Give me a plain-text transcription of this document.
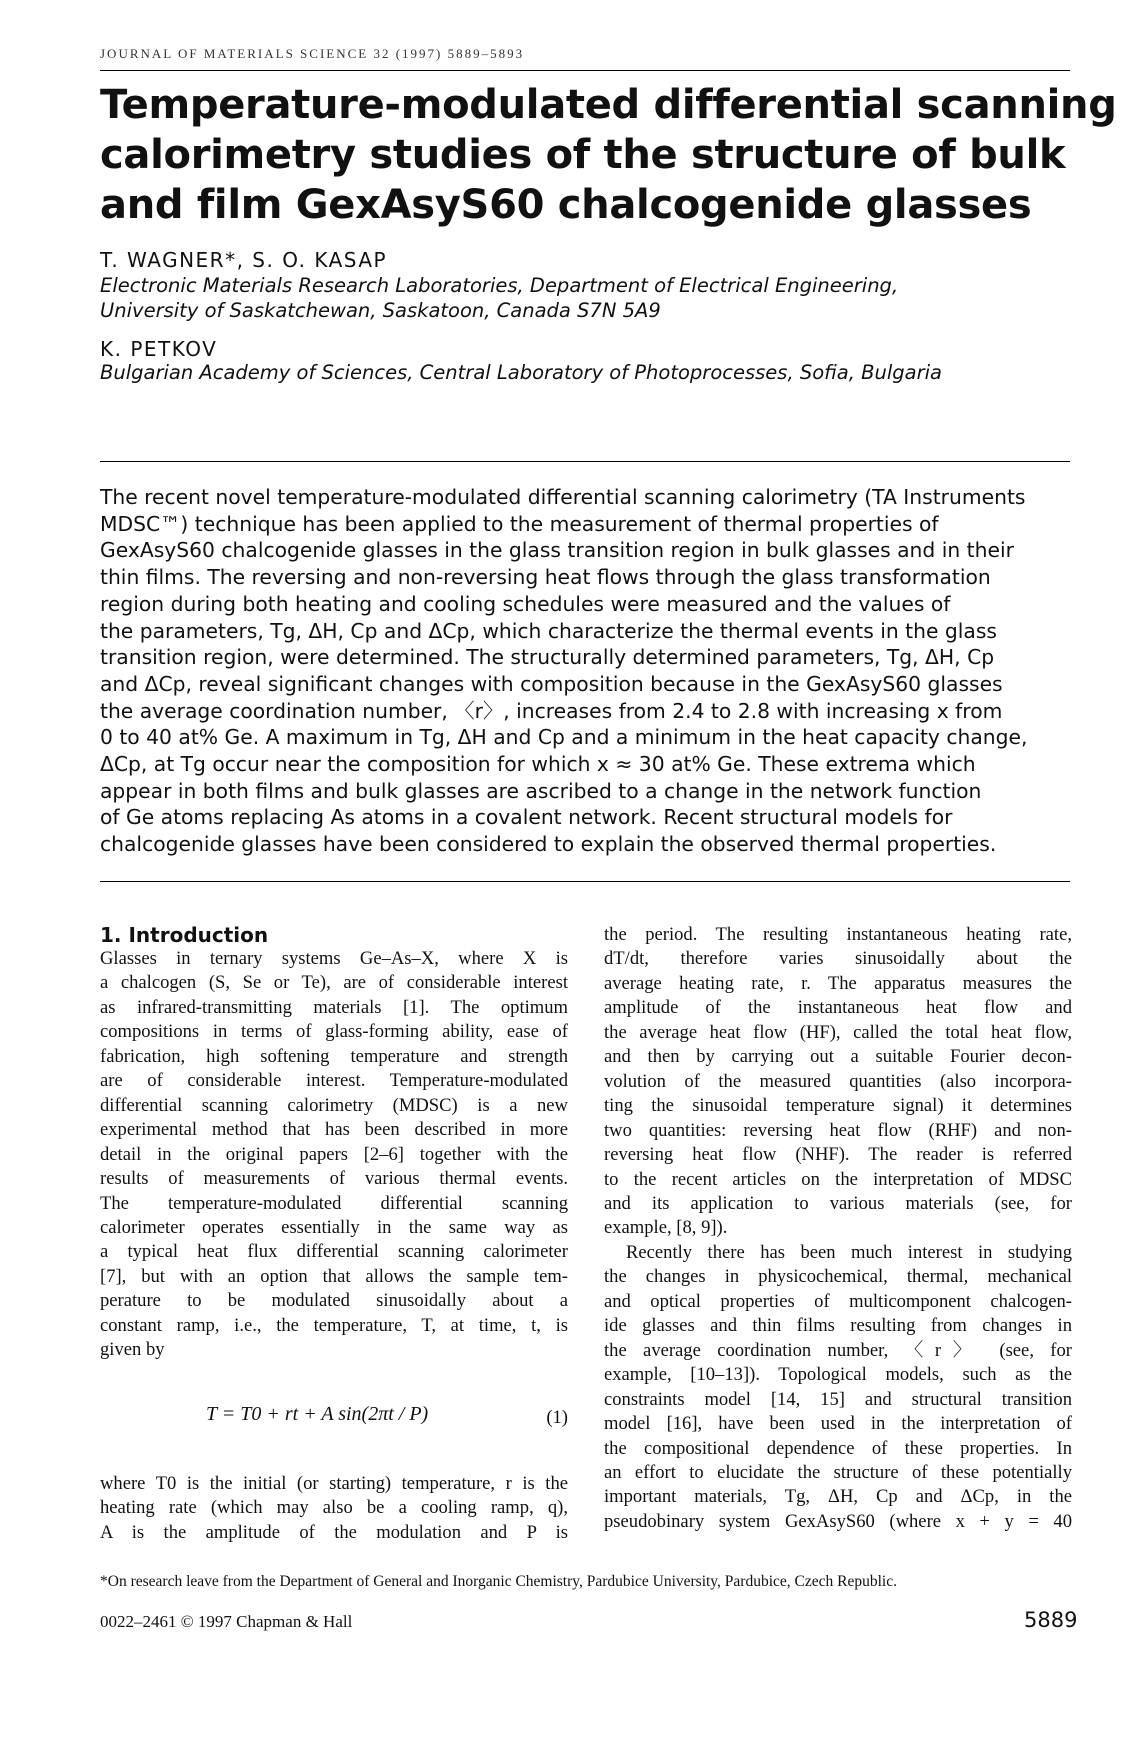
JOURNAL OF MATERIALS SCIENCE 32 (1997) 5889–5893
Temperature-modulated differential scanning
calorimetry studies of the structure of bulk
and film GexAsyS60 chalcogenide glasses
T. WAGNER*, S. O. KASAP
Electronic Materials Research Laboratories, Department of Electrical Engineering,
University of Saskatchewan, Saskatoon, Canada S7N 5A9
K. PETKOV
Bulgarian Academy of Sciences, Central Laboratory of Photoprocesses, Sofia, Bulgaria
The recent novel temperature-modulated differential scanning calorimetry (TA Instruments
MDSC™) technique has been applied to the measurement of thermal properties of
GexAsyS60 chalcogenide glasses in the glass transition region in bulk glasses and in their
thin films. The reversing and non-reversing heat flows through the glass transformation
region during both heating and cooling schedules were measured and the values of
the parameters, Tg, ΔH, Cp and ΔCp, which characterize the thermal events in the glass
transition region, were determined. The structurally determined parameters, Tg, ΔH, Cp
and ΔCp, reveal significant changes with composition because in the GexAsyS60 glasses
the average coordination number, 〈r〉, increases from 2.4 to 2.8 with increasing x from
0 to 40 at% Ge. A maximum in Tg, ΔH and Cp and a minimum in the heat capacity change,
ΔCp, at Tg occur near the composition for which x ≈ 30 at% Ge. These extrema which
appear in both films and bulk glasses are ascribed to a change in the network function
of Ge atoms replacing As atoms in a covalent network. Recent structural models for
chalcogenide glasses have been considered to explain the observed thermal properties.
1. Introduction
Glasses in ternary systems Ge–As–X, where X is
a chalcogen (S, Se or Te), are of considerable interest
as infrared-transmitting materials [1]. The optimum
compositions in terms of glass-forming ability, ease of
fabrication, high softening temperature and strength
are of considerable interest. Temperature-modulated
differential scanning calorimetry (MDSC) is a new
experimental method that has been described in more
detail in the original papers [2–6] together with the
results of measurements of various thermal events.
The temperature-modulated differential scanning
calorimeter operates essentially in the same way as
a typical heat flux differential scanning calorimeter
[7], but with an option that allows the sample tem-
perature to be modulated sinusoidally about a
constant ramp, i.e., the temperature, T, at time, t, is
given by
T = T0 + rt + A sin(2πt / P)	(1)
where T0 is the initial (or starting) temperature, r is the
heating rate (which may also be a cooling ramp, q),
A is the amplitude of the modulation and P is
the period. The resulting instantaneous heating rate,
dT/dt, therefore varies sinusoidally about the
average heating rate, r. The apparatus measures the
amplitude of the instantaneous heat flow and
the average heat flow (HF), called the total heat flow,
and then by carrying out a suitable Fourier decon-
volution of the measured quantities (also incorpora-
ting the sinusoidal temperature signal) it determines
two quantities: reversing heat flow (RHF) and non-
reversing heat flow (NHF). The reader is referred
to the recent articles on the interpretation of MDSC
and its application to various materials (see, for
example, [8, 9]).
Recently there has been much interest in studying
the changes in physicochemical, thermal, mechanical
and optical properties of multicomponent chalcogen-
ide glasses and thin films resulting from changes in
the average coordination number, 〈r〉 (see, for
example, [10–13]). Topological models, such as the
constraints model [14, 15] and structural transition
model [16], have been used in the interpretation of
the compositional dependence of these properties. In
an effort to elucidate the structure of these potentially
important materials, Tg, ΔH, Cp and ΔCp, in the
pseudobinary system GexAsyS60 (where x + y = 40
*On research leave from the Department of General and Inorganic Chemistry, Pardubice University, Pardubice, Czech Republic.
0022–2461 © 1997 Chapman & Hall	5889
